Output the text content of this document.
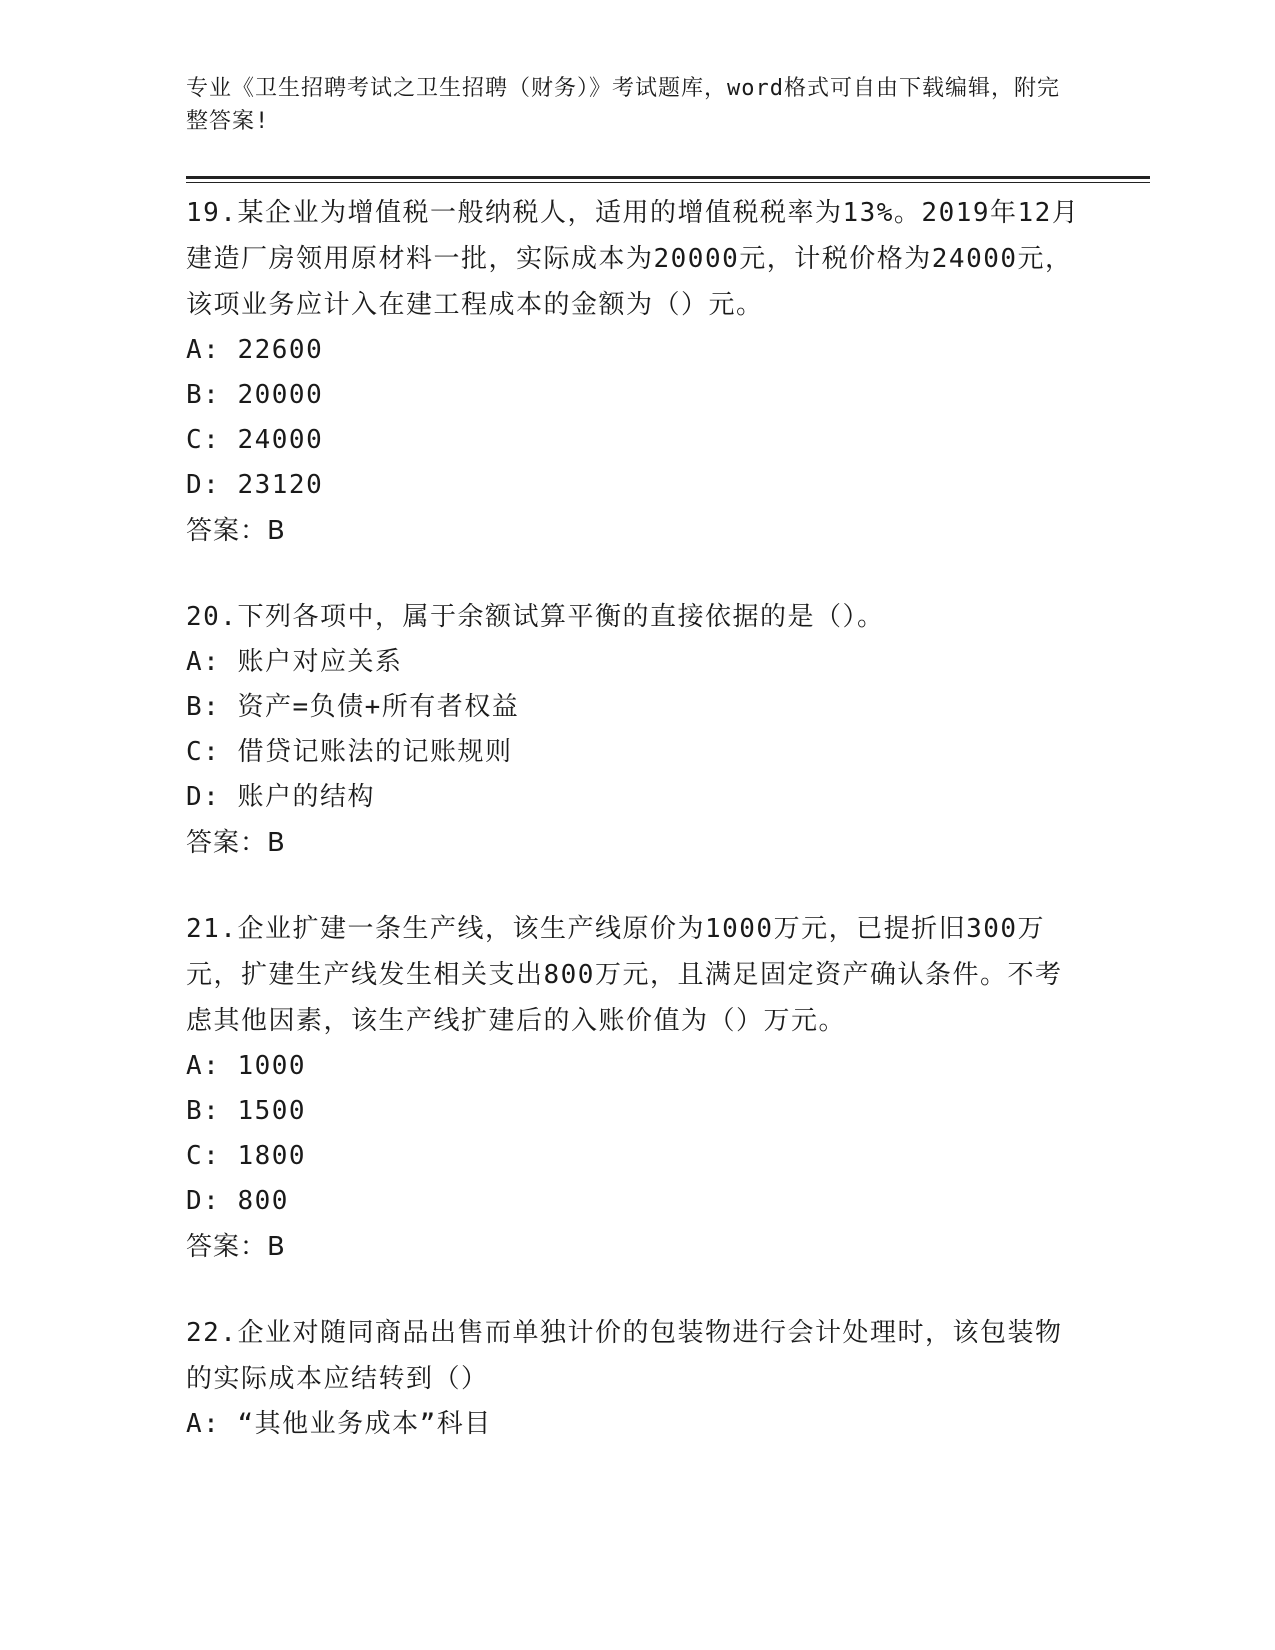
专业《卫生招聘考试之卫生招聘（财务）》考试题库，word格式可自由下载编辑，附完整答案!

19.某企业为增值税一般纳税人，适用的增值税税率为13%。2019年12月建造厂房领用原材料一批，实际成本为20000元，计税价格为24000元，该项业务应计入在建工程成本的金额为（）元。

A: 22600

B: 20000

C: 24000

D: 23120

答案：B

20.下列各项中，属于余额试算平衡的直接依据的是（）。

A: 账户对应关系

B: 资产=负债+所有者权益

C: 借贷记账法的记账规则

D: 账户的结构

答案：B

21.企业扩建一条生产线，该生产线原价为1000万元，已提折旧300万元，扩建生产线发生相关支出800万元，且满足固定资产确认条件。不考虑其他因素，该生产线扩建后的入账价值为（）万元。

A: 1000

B: 1500

C: 1800

D: 800

答案：B

22.企业对随同商品出售而单独计价的包装物进行会计处理时，该包装物的实际成本应结转到（）

A: “其他业务成本”科目
